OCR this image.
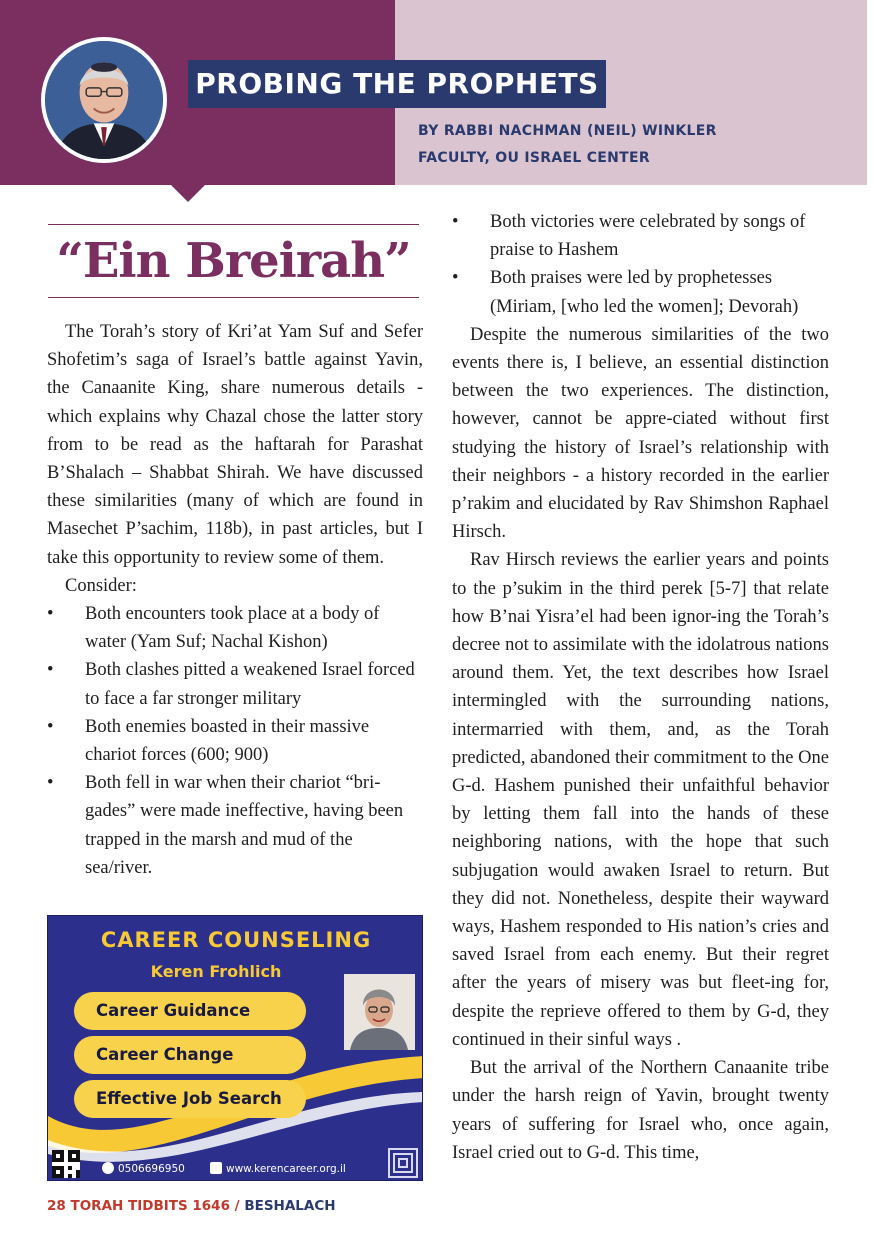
PROBING THE PROPHETS
BY RABBI NACHMAN (NEIL) WINKLER
FACULTY, OU ISRAEL CENTER
“Ein Breirah”

The Torah’s story of Kri’at Yam Suf and Sefer Shofetim’s saga of Israel’s battle against Yavin, the Canaanite King, share numerous details - which explains why Chazal chose the latter story from to be read as the haftarah for Parashat B’Shalach – Shabbat Shirah. We have discussed these similarities (many of which are found in Masechet P’sachim, 118b), in past articles, but I take this opportunity to review some of them.

Consider:

• Both encounters took place at a body of water (Yam Suf; Nachal Kishon)
• Both clashes pitted a weakened Israel forced to face a far stronger military
• Both enemies boasted in their massive chariot forces (600; 900)
• Both fell in war when their chariot “bri-gades” were made ineffective, having been trapped in the marsh and mud of the sea/river.
CAREER COUNSELING
Keren Frohlich
Career Guidance
Career Change
Effective Job Search
0506696950	www.kerencareer.org.il
• Both victories were celebrated by songs of praise to Hashem
• Both praises were led by prophetesses (Miriam, [who led the women]; Devorah)

Despite the numerous similarities of the two events there is, I believe, an essential distinction between the two experiences. The distinction, however, cannot be appre-ciated without first studying the history of Israel’s relationship with their neighbors - a history recorded in the earlier p’rakim and elucidated by Rav Shimshon Raphael Hirsch.

Rav Hirsch reviews the earlier years and points to the p’sukim in the third perek [5-7] that relate how B’nai Yisra’el had been ignor-ing the Torah’s decree not to assimilate with the idolatrous nations around them. Yet, the text describes how Israel intermingled with the surrounding nations, intermarried with them, and, as the Torah predicted, abandoned their commitment to the One G-d. Hashem punished their unfaithful behavior by letting them fall into the hands of these neighboring nations, with the hope that such subjugation would awaken Israel to return. But they did not. Nonetheless, despite their wayward ways, Hashem responded to His nation’s cries and saved Israel from each enemy. But their regret after the years of misery was but fleet-ing for, despite the reprieve offered to them by G-d, they continued in their sinful ways .

But the arrival of the Northern Canaanite tribe under the harsh reign of Yavin, brought twenty years of suffering for Israel who, once again, Israel cried out to G-d. This time,

28 TORAH TIDBITS 1646 / BESHALACH
